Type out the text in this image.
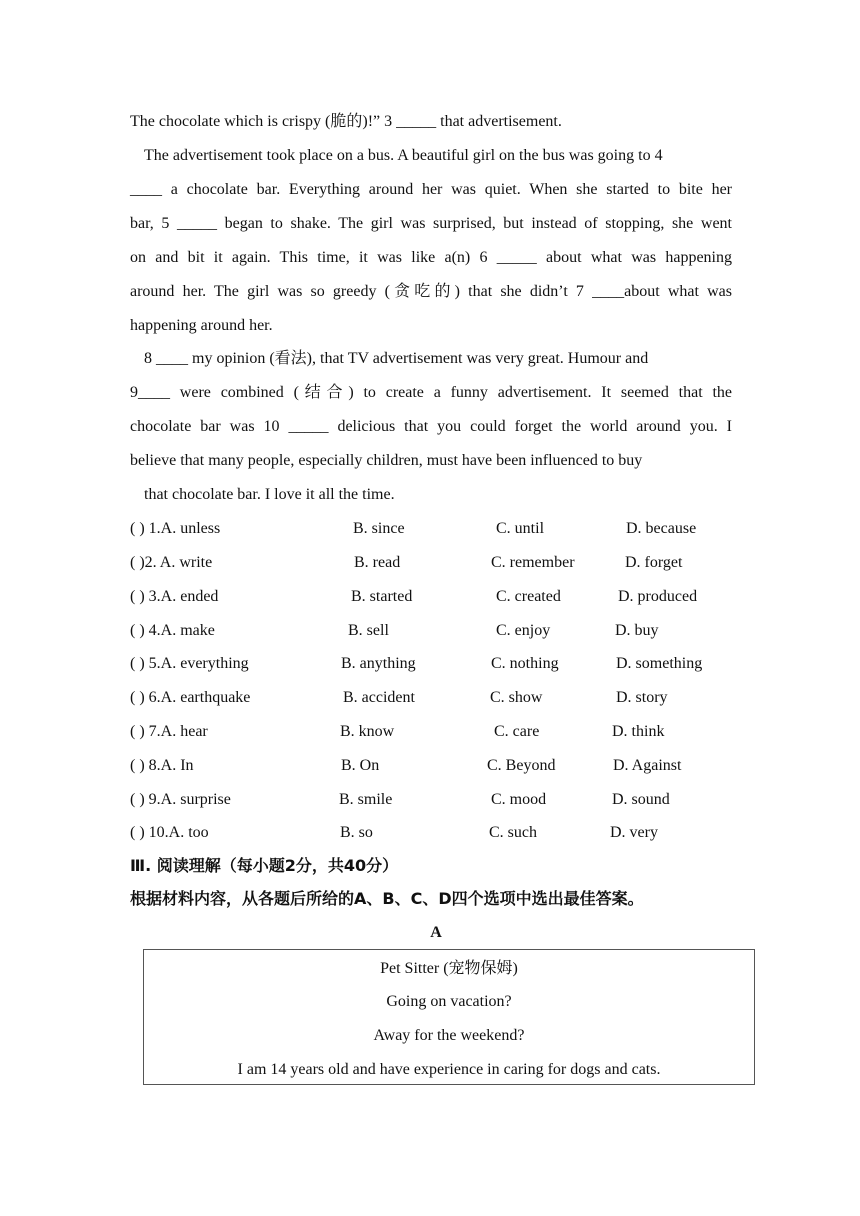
The chocolate which is crispy (脆的)!” 3 _____ that advertisement.
The advertisement took place on a bus. A beautiful girl on the bus was going to 4
____ a chocolate bar. Everything around her was quiet. When she started to bite her
bar, 5 _____ began to shake. The girl was surprised, but instead of stopping, she went
on and bit it again. This time, it was like a(n) 6 _____ about what was happening
around her. The girl was so greedy (贪吃的) that she didn’t 7 ____about what was
happening around her.
8 ____ my opinion (看法), that TV advertisement was very great. Humour and
9____ were combined (结合) to create a funny advertisement. It seemed that the
chocolate bar was 10 _____ delicious that you could forget the world around you. I
believe that many people, especially children, must have been influenced to buy
that chocolate bar. I love it all the time.
( ) 1.A. unless	B. since	C. until	D. because
( )2. A. write	B. read	C. remember	D. forget
( ) 3.A. ended	B. started	C. created	D. produced
( ) 4.A. make	B. sell	C. enjoy	D. buy
( ) 5.A. everything	B. anything	C. nothing	D. something
( ) 6.A. earthquake	B. accident	C. show	D. story
( ) 7.A. hear	B. know	C. care	D. think
( ) 8.A. In	B. On	C. Beyond	D. Against
( ) 9.A. surprise	B. smile	C. mood	D. sound
( ) 10.A. too	B. so	C. such	D. very
Ⅲ. 阅读理解（每小题2分，共40分）
根据材料内容，从各题后所给的A、B、C、D四个选项中选出最佳答案。
A
Pet Sitter (宠物保姆)
Going on vacation?
Away for the weekend?
I am 14 years old and have experience in caring for dogs and cats.
